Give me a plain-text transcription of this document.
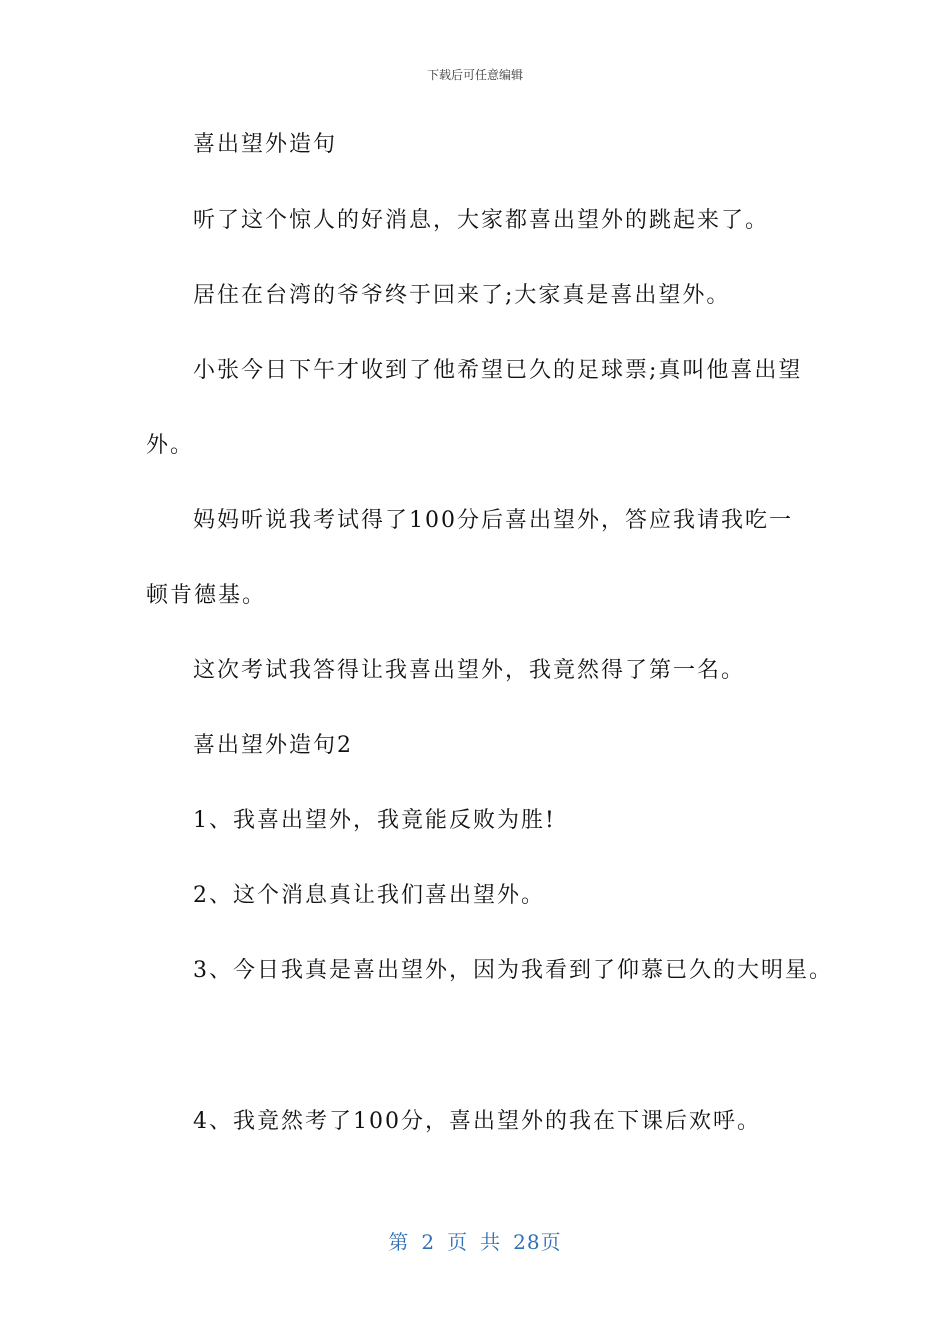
下载后可任意编辑
喜出望外造句
听了这个惊人的好消息，大家都喜出望外的跳起来了。
居住在台湾的爷爷终于回来了;大家真是喜出望外。
小张今日下午才收到了他希望已久的足球票;真叫他喜出望
外。
妈妈听说我考试得了100分后喜出望外，答应我请我吃一
顿肯德基。
这次考试我答得让我喜出望外，我竟然得了第一名。
喜出望外造句2
1、我喜出望外，我竟能反败为胜!
2、这个消息真让我们喜出望外。
3、今日我真是喜出望外，因为我看到了仰慕已久的大明星。
4、我竟然考了100分，喜出望外的我在下课后欢呼。
第 2 页 共 28页
